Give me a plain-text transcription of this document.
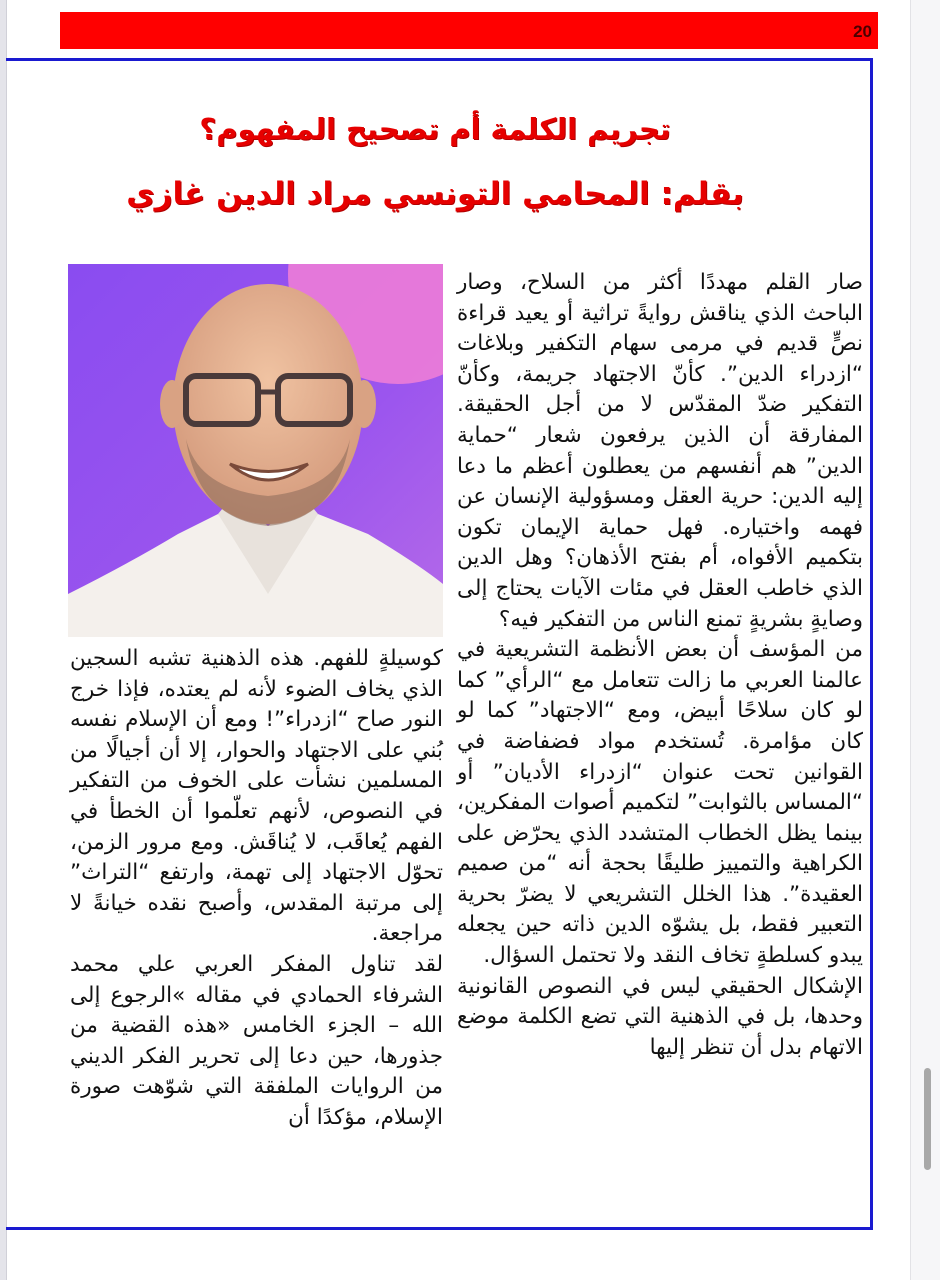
20
تجريم الكلمة أم تصحيح المفهوم؟
بقلم: المحامي التونسي مراد الدين غازي

صار القلم مهددًا أكثر من السلاح، وصار الباحث الذي يناقش روايةً تراثية أو يعيد قراءة نصٍّ قديم في مرمى سهام التكفير وبلاغات “ازدراء الدين”. كأنّ الاجتهاد جريمة، وكأنّ التفكير ضدّ المقدّس لا من أجل الحقيقة. المفارقة أن الذين يرفعون شعار “حماية الدين” هم أنفسهم من يعطلون أعظم ما دعا إليه الدين: حرية العقل ومسؤولية الإنسان عن فهمه واختياره. فهل حماية الإيمان تكون بتكميم الأفواه، أم بفتح الأذهان؟ وهل الدين الذي خاطب العقل في مئات الآيات يحتاج إلى وصايةٍ بشريةٍ تمنع الناس من التفكير فيه؟

من المؤسف أن بعض الأنظمة التشريعية في عالمنا العربي ما زالت تتعامل مع “الرأي” كما لو كان سلاحًا أبيض، ومع “الاجتهاد” كما لو كان مؤامرة. تُستخدم مواد فضفاضة في القوانين تحت عنوان “ازدراء الأديان” أو “المساس بالثوابت” لتكميم أصوات المفكرين، بينما يظل الخطاب المتشدد الذي يحرّض على الكراهية والتمييز طليقًا بحجة أنه “من صميم العقيدة”. هذا الخلل التشريعي لا يضرّ بحرية التعبير فقط، بل يشوّه الدين ذاته حين يجعله يبدو كسلطةٍ تخاف النقد ولا تحتمل السؤال.

الإشكال الحقيقي ليس في النصوص القانونية وحدها، بل في الذهنية التي تضع الكلمة موضع الاتهام بدل أن تنظر إليها

كوسيلةٍ للفهم. هذه الذهنية تشبه السجين الذي يخاف الضوء لأنه لم يعتده، فإذا خرج النور صاح “ازدراء”! ومع أن الإسلام نفسه بُني على الاجتهاد والحوار، إلا أن أجيالًا من المسلمين نشأت على الخوف من التفكير في النصوص، لأنهم تعلّموا أن الخطأ في الفهم يُعاقَب، لا يُناقَش. ومع مرور الزمن، تحوّل الاجتهاد إلى تهمة، وارتفع “التراث” إلى مرتبة المقدس، وأصبح نقده خيانةً لا مراجعة.

لقد تناول المفكر العربي علي محمد الشرفاء الحمادي في مقاله »الرجوع إلى الله – الجزء الخامس «هذه القضية من جذورها، حين دعا إلى تحرير الفكر الديني من الروايات الملفقة التي شوّهت صورة الإسلام، مؤكدًا أن
